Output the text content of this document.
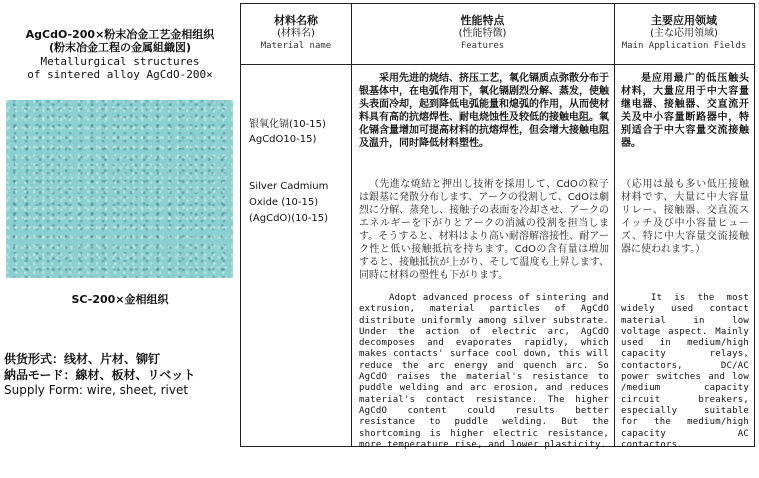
AgCdO-200×粉末冶金工艺金相组织
(粉末冶金工程の金属組織図)
Metallurgical structures
of sintered alloy AgCdO-200×
SC-200×金相组织
供货形式：线材、片材、铆钉
納品モード：線材、板材、リベット
Supply Form: wire, sheet, rivet
材料名称
(材料名)
Material name
性能特点
(性能特徴)
Features
主要应用领域
(主な応用領域)
Main Application Fields
银氧化镉(10-15)
AgCdO10-15)
Silver Cadmium
Oxide (10-15)
(AgCdO)(10-15)
采用先进的烧结、挤压工艺，氧化镉质点弥散分布于银基体中，在电弧作用下，氧化镉剧烈分解、蒸发，使触头表面冷却，起到降低电弧能量和熄弧的作用，从而使材料具有高的抗熔焊性、耐电烧蚀性及较低的接触电阻。氧化镉含量增加可提高材料的抗熔焊性，但会增大接触电阻及温升，同时降低材料塑性。
（先進な焼結と押出し技術を採用して、CdOの粒子は銀基に発散分布します、アークの役割して、CdOは劇烈に分解、蒸発し、接触子の表面を冷却させ、アークのエネルギーを下がりとアークの消滅の役割を担当します。そうすると、材料はより高い耐溶解溶接性、耐アーク性と低い接触抵抗を持ちます。CdOの含有量は増加すると、接触抵抗が上がり、そして温度も上昇します、同時に材料の塑性も下がります。
Adopt advanced process of sintering and extrusion, material particles of AgCdO distribute uniformly among silver substrate. Under the action of electric arc, AgCdO decomposes and evaporates rapidly, which makes contacts' surface cool down, this will reduce the arc energy and quench arc. So AgCdO raises the material's resistance to puddle welding and arc erosion, and reduces material's contact resistance. The higher AgCdO content could results better resistance to puddle welding. But the shortcoming is higher electric resistance, more temperature rise, and lower plasticity.
是应用最广的低压触头材料，大量应用于中大容量继电器、接触器、交直流开关及中小容量断路器中，特别适合于中大容量交流接触器。
（応用は最も多い低圧接触材料です、大量に中大容量リレー、接触器、交直流スイッチ及び中小容量ヒューズ、特に中大容量交流接触器に使われます。）
It is the most widely used contact material in low voltage aspect. Mainly used in medium/high capacity relays, contactors, DC/AC power switches and low /medium capacity circuit breakers, especially suitable for the medium/high capacity AC contactors.
